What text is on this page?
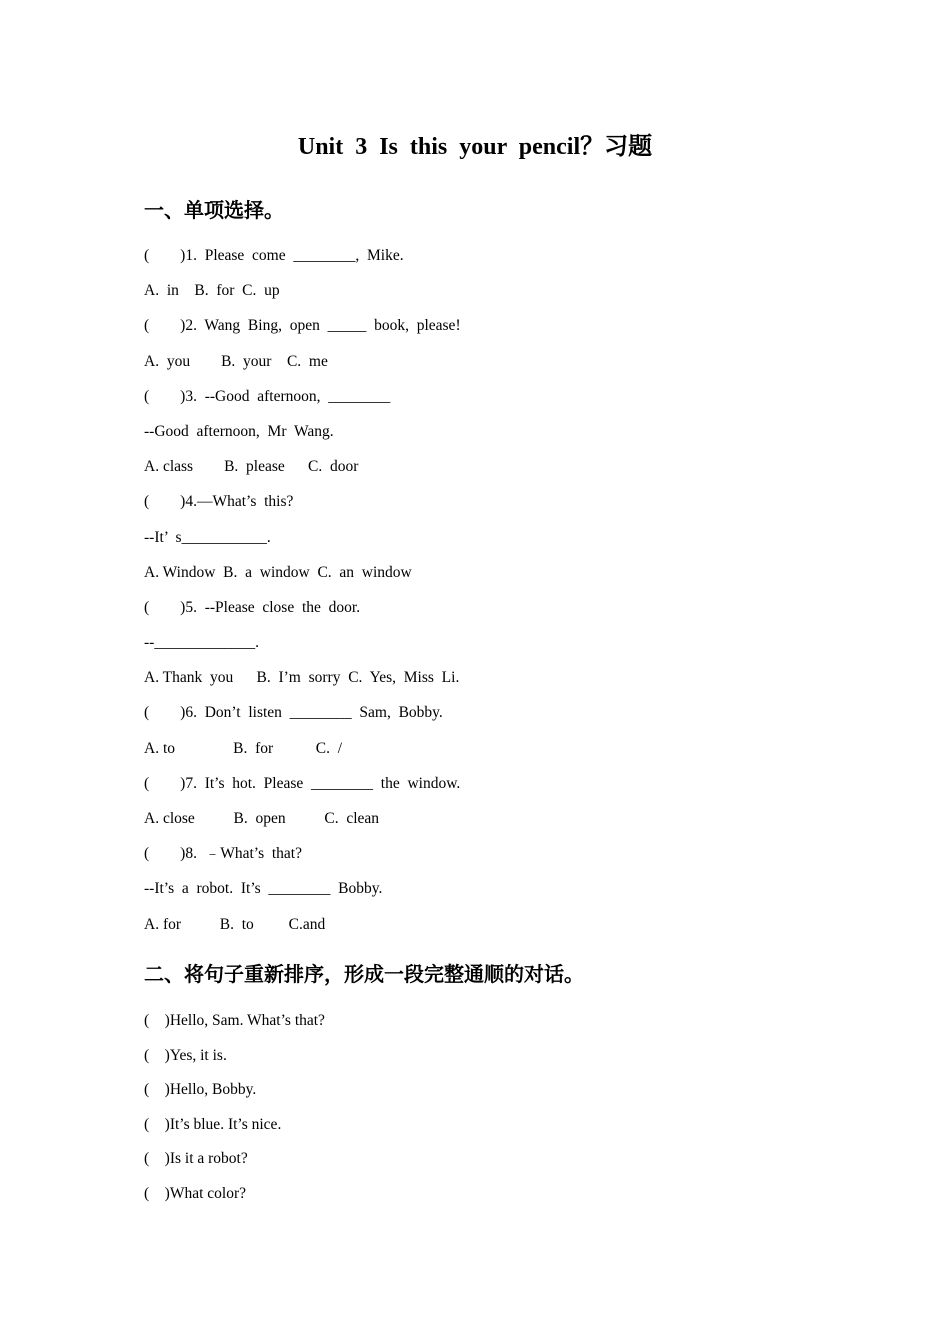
Unit 3 Is this your pencil？习题
一、单项选择。
(        )1.  Please  come  ________,  Mike.
A.  in    B.  for  C.  up
(        )2.  Wang  Bing,  open  _____  book,  please!
A.  you        B.  your    C.  me
(        )3.  --Good  afternoon,  ________
--Good  afternoon,  Mr  Wang.
A. class        B.  please      C.  door
(        )4.—What’s  this?
--It’  s___________.
A. Window  B.  a  window  C.  an  window
(        )5.  --Please  close  the  door.
--_____________.
A. Thank  you      B.  I’m  sorry  C.  Yes,  Miss  Li.
(        )6.  Don’t  listen  ________  Sam,  Bobby.
A. to               B.  for           C.  /
(        )7.  It’s  hot.  Please  ________  the  window.
A. close          B.  open          C.  clean
(        )8.  ﹣What’s  that?
--It’s  a  robot.  It’s  ________  Bobby.
A. for          B.  to         C.and
二、将句子重新排序，形成一段完整通顺的对话。
(    )Hello, Sam. What’s that?
(    )Yes, it is.
(    )Hello, Bobby.
(    )It’s blue. It’s nice.
(    )Is it a robot?
(    )What color?
